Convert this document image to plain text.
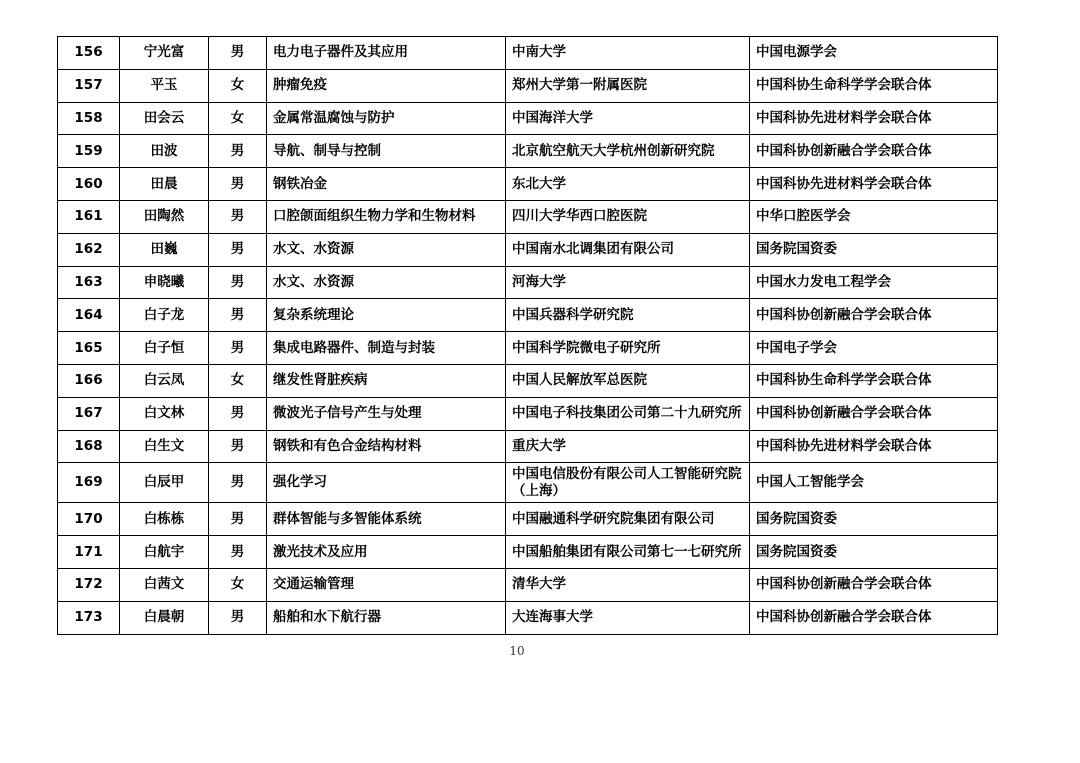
156	宁光富	男	电力电子器件及其应用	中南大学	中国电源学会
157	平玉	女	肿瘤免疫	郑州大学第一附属医院	中国科协生命科学学会联合体
158	田会云	女	金属常温腐蚀与防护	中国海洋大学	中国科协先进材料学会联合体
159	田波	男	导航、制导与控制	北京航空航天大学杭州创新研究院	中国科协创新融合学会联合体
160	田晨	男	钢铁冶金	东北大学	中国科协先进材料学会联合体
161	田陶然	男	口腔颌面组织生物力学和生物材料	四川大学华西口腔医院	中华口腔医学会
162	田巍	男	水文、水资源	中国南水北调集团有限公司	国务院国资委
163	申晓曦	男	水文、水资源	河海大学	中国水力发电工程学会
164	白子龙	男	复杂系统理论	中国兵器科学研究院	中国科协创新融合学会联合体
165	白子恒	男	集成电路器件、制造与封装	中国科学院微电子研究所	中国电子学会
166	白云凤	女	继发性肾脏疾病	中国人民解放军总医院	中国科协生命科学学会联合体
167	白文林	男	微波光子信号产生与处理	中国电子科技集团公司第二十九研究所	中国科协创新融合学会联合体
168	白生文	男	钢铁和有色合金结构材料	重庆大学	中国科协先进材料学会联合体
169	白辰甲	男	强化学习	中国电信股份有限公司人工智能研究院（上海）	中国人工智能学会
170	白栋栋	男	群体智能与多智能体系统	中国融通科学研究院集团有限公司	国务院国资委
171	白航宇	男	激光技术及应用	中国船舶集团有限公司第七一七研究所	国务院国资委
172	白茜文	女	交通运输管理	清华大学	中国科协创新融合学会联合体
173	白晨朝	男	船舶和水下航行器	大连海事大学	中国科协创新融合学会联合体
10
